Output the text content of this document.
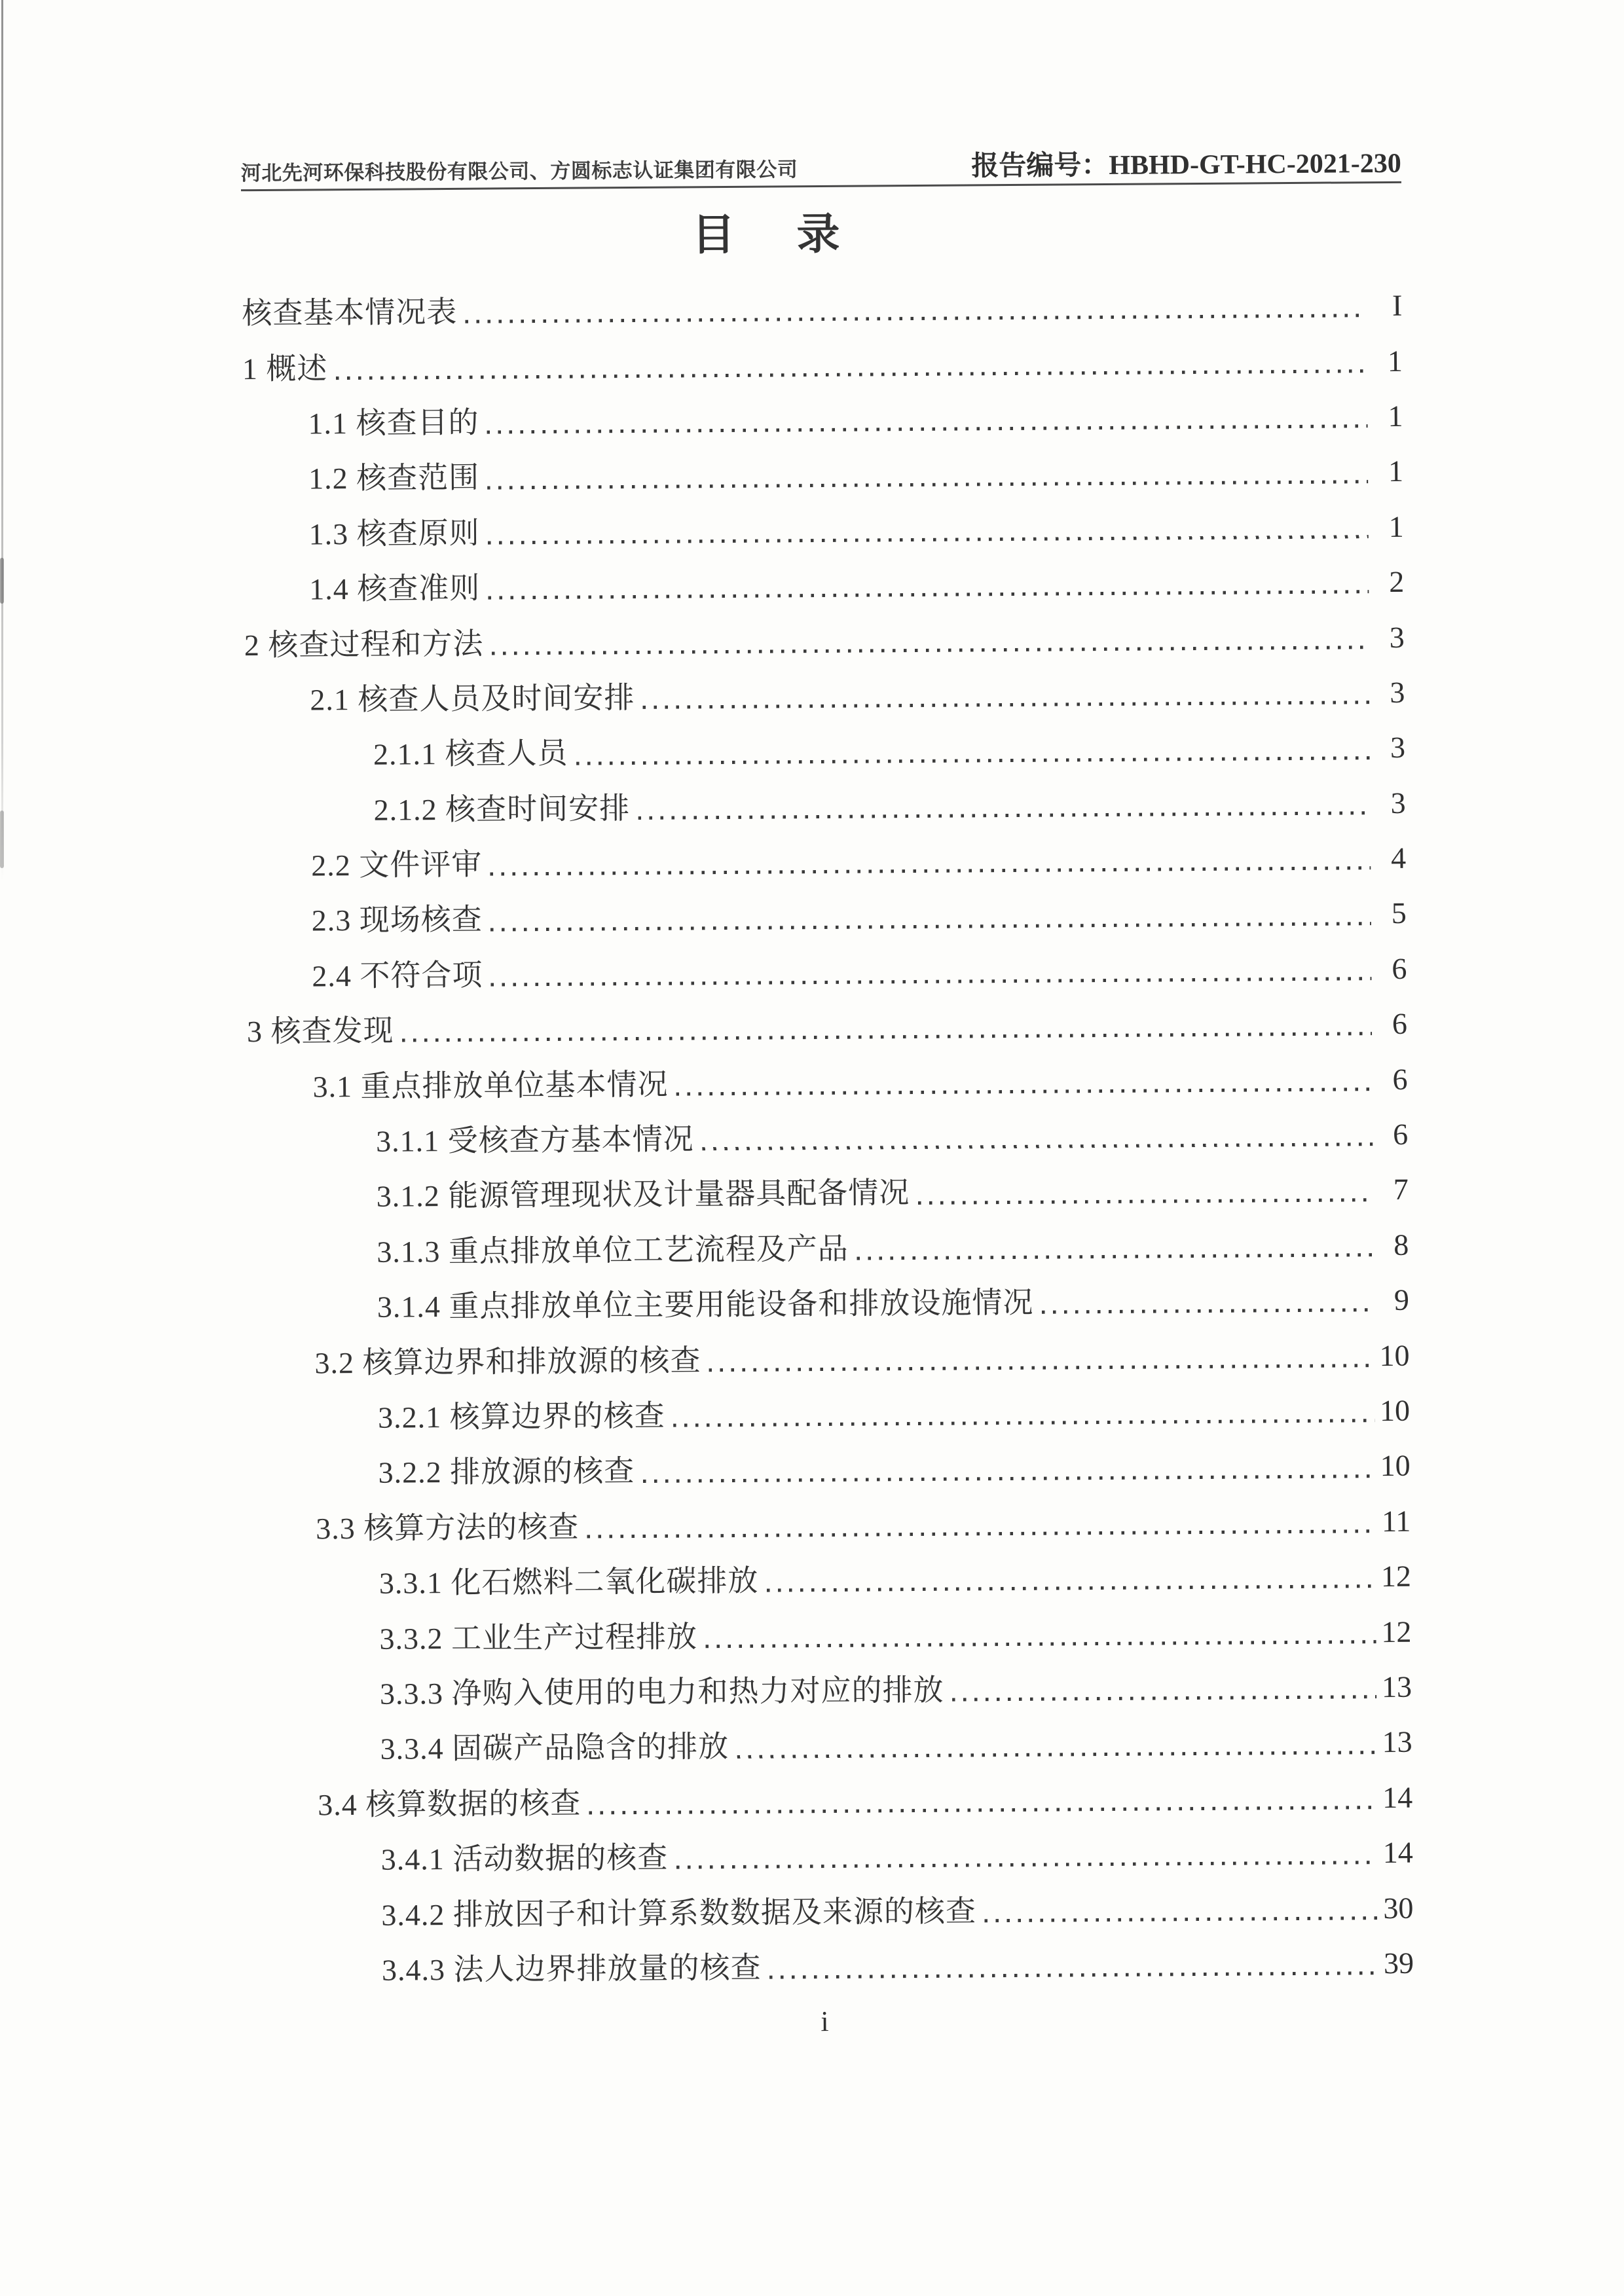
河北先河环保科技股份有限公司、方圆标志认证集团有限公司	报告编号：HBHD-GT-HC-2021-230
目　录
核查基本情况表	I
1 概述	1
1.1 核查目的	1
1.2 核查范围	1
1.3 核查原则	1
1.4 核查准则	2
2 核查过程和方法	3
2.1 核查人员及时间安排	3
2.1.1 核查人员	3
2.1.2 核查时间安排	3
2.2 文件评审	4
2.3 现场核查	5
2.4 不符合项	6
3 核查发现	6
3.1 重点排放单位基本情况	6
3.1.1 受核查方基本情况	6
3.1.2 能源管理现状及计量器具配备情况	7
3.1.3 重点排放单位工艺流程及产品	8
3.1.4 重点排放单位主要用能设备和排放设施情况	9
3.2 核算边界和排放源的核查	10
3.2.1 核算边界的核查	10
3.2.2 排放源的核查	10
3.3 核算方法的核查	11
3.3.1 化石燃料二氧化碳排放	12
3.3.2 工业生产过程排放	12
3.3.3 净购入使用的电力和热力对应的排放	13
3.3.4 固碳产品隐含的排放	13
3.4 核算数据的核查	14
3.4.1 活动数据的核查	14
3.4.2 排放因子和计算系数数据及来源的核查	30
3.4.3 法人边界排放量的核查	39
i
